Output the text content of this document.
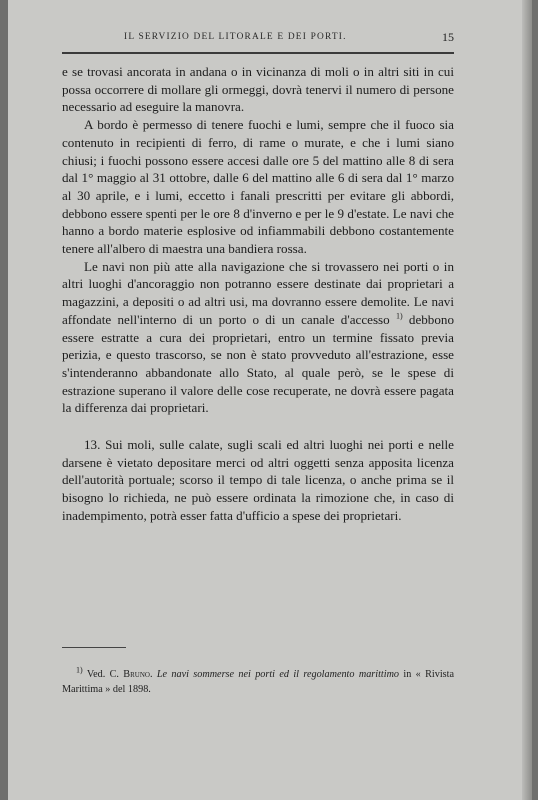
IL SERVIZIO DEL LITORALE E DEI PORTI.	15

e se trovasi ancorata in andana o in vicinanza di moli o in altri siti in cui possa occorrere di mollare gli ormeggi, dovrà tenervi il numero di persone necessario ad eseguire la manovra.

A bordo è permesso di tenere fuochi e lumi, sempre che il fuoco sia contenuto in recipienti di ferro, di rame o murate, e che i lumi siano chiusi; i fuochi possono essere accesi dalle ore 5 del mattino alle 8 di sera dal 1° maggio al 31 ottobre, dalle 6 del mattino alle 6 di sera dal 1° marzo al 30 aprile, e i lumi, eccetto i fanali prescritti per evitare gli abbordi, debbono essere spenti per le ore 8 d'inverno e per le 9 d'estate. Le navi che hanno a bordo materie esplosive od infiammabili debbono costantemente tenere all'albero di maestra una bandiera rossa.

Le navi non più atte alla navigazione che si trovassero nei porti o in altri luoghi d'ancoraggio non potranno essere destinate dai proprietari a magazzini, a depositi o ad altri usi, ma dovranno essere demolite. Le navi affondate nell'interno di un porto o di un canale d'accesso $^{1)}$ debbono essere estratte a cura dei proprietari, entro un termine fissato previa perizia, e questo trascorso, se non è stato provveduto all'estrazione, esse s'intenderanno abbandonate allo Stato, al quale però, se le spese di estrazione superano il valore delle cose recuperate, ne dovrà essere pagata la differenza dai proprietari.

13. Sui moli, sulle calate, sugli scali ed altri luoghi nei porti e nelle darsene è vietato depositare merci od altri oggetti senza apposita licenza dell'autorità portuale; scorso il tempo di tale licenza, o anche prima se il bisogno lo richieda, ne può essere ordinata la rimozione che, in caso di inadempimento, potrà esser fatta d'ufficio a spese dei proprietari.

$^{1)}$ Ved. C. Bruno. Le navi sommerse nei porti ed il regolamento marittimo in « Rivista Marittima » del 1898.
